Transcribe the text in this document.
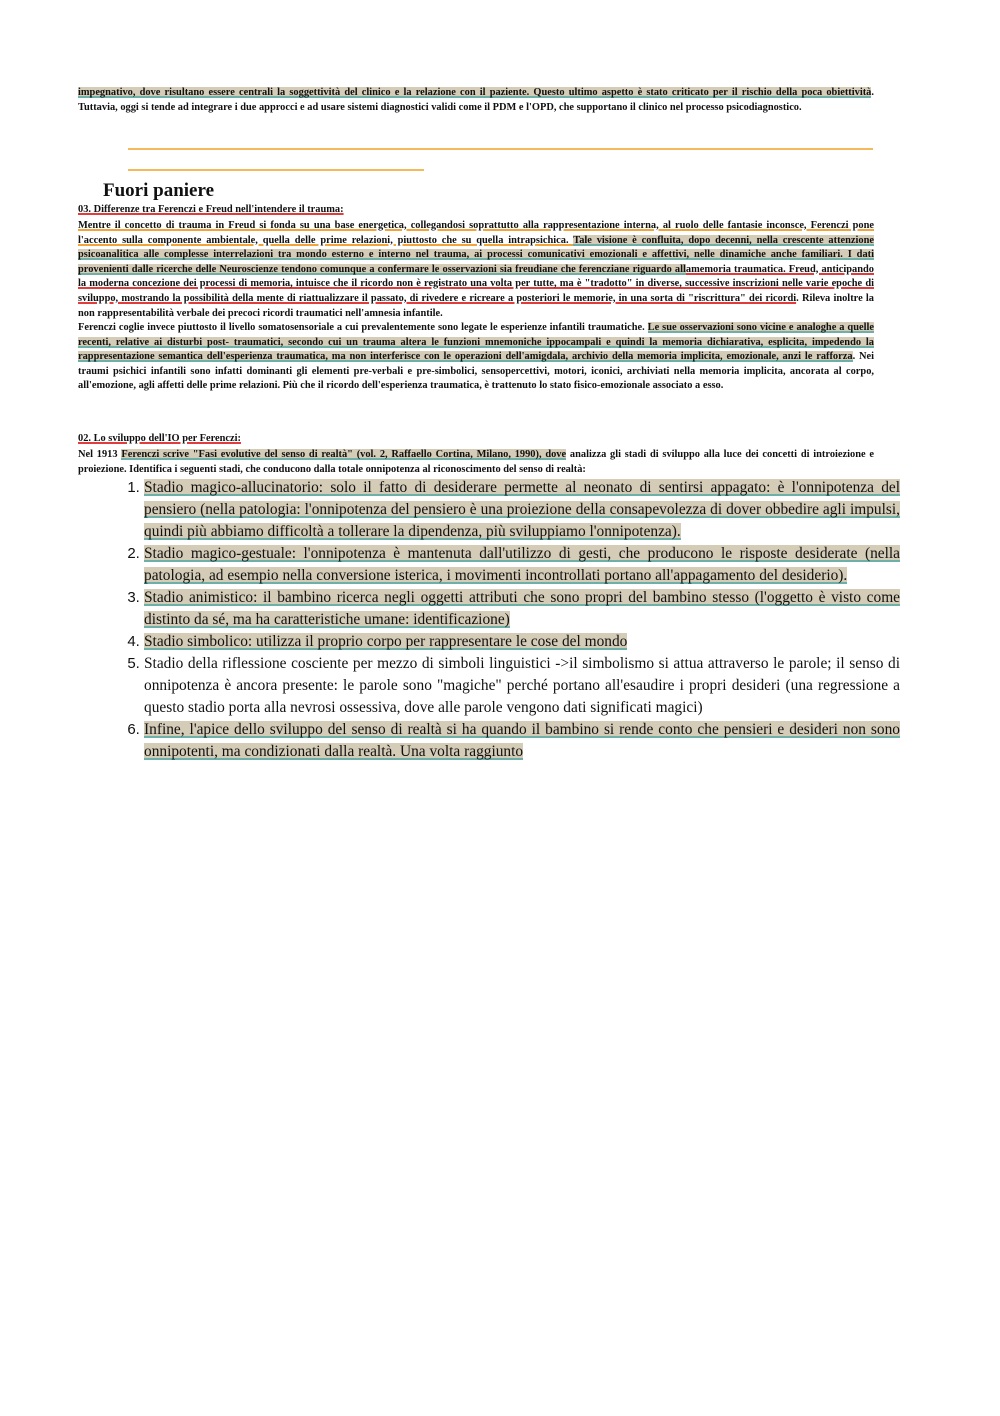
impegnativo, dove risultano essere centrali la soggettività del clinico e la relazione con il paziente. Questo ultimo aspetto è stato criticato per il rischio della poca obiettività. Tuttavia, oggi si tende ad integrare i due approcci e ad usare sistemi diagnostici validi come il PDM e l'OPD, che supportano il clinico nel processo psicodiagnostico.

Fuori paniere

03. Differenze tra Ferenczi e Freud nell'intendere il trauma:

Mentre il concetto di trauma in Freud si fonda su una base energetica, collegandosi soprattutto alla rappresentazione interna, al ruolo delle fantasie inconsce, Ferenczi pone l'accento sulla componente ambientale, quella delle prime relazioni, piuttosto che su quella intrapsichica. Tale visione è confluita, dopo decenni, nella crescente attenzione psicoanalitica alle complesse interrelazioni tra mondo esterno e interno nel trauma, ai processi comunicativi emozionali e affettivi, nelle dinamiche anche familiari. I dati provenienti dalle ricerche delle Neuroscienze tendono comunque a confermare le osservazioni sia freudiane che ferencziane riguardo allamemoria traumatica. Freud, anticipando la moderna concezione dei processi di memoria, intuisce che il ricordo non è registrato una volta per tutte, ma è "tradotto" in diverse, successive inscrizioni nelle varie epoche di sviluppo, mostrando la possibilità della mente di riattualizzare il passato, di rivedere e ricreare a posteriori le memorie, in una sorta di "riscrittura" dei ricordi. Rileva inoltre la non rappresentabilità verbale dei precoci ricordi traumatici nell'amnesia infantile.

Ferenczi coglie invece piuttosto il livello somatosensoriale a cui prevalentemente sono legate le esperienze infantili traumatiche. Le sue osservazioni sono vicine e analoghe a quelle recenti, relative ai disturbi post- traumatici, secondo cui un trauma altera le funzioni mnemoniche ippocampali e quindi la memoria dichiarativa, esplicita, impedendo la rappresentazione semantica dell'esperienza traumatica, ma non interferisce con le operazioni dell'amigdala, archivio della memoria implicita, emozionale, anzi le rafforza. Nei traumi psichici infantili sono infatti dominanti gli elementi pre-verbali e pre-simbolici, sensopercettivi, motori, iconici, archiviati nella memoria implicita, ancorata al corpo, all'emozione, agli affetti delle prime relazioni. Più che il ricordo dell'esperienza traumatica, è trattenuto lo stato fisico-emozionale associato a esso.

02. Lo sviluppo dell'IO per Ferenczi:

Nel 1913 Ferenczi scrive "Fasi evolutive del senso di realtà" (vol. 2, Raffaello Cortina, Milano, 1990), dove analizza gli stadi di sviluppo alla luce dei concetti di introiezione e proiezione. Identifica i seguenti stadi, che conducono dalla totale onnipotenza al riconoscimento del senso di realtà:

1. Stadio magico-allucinatorio: solo il fatto di desiderare permette al neonato di sentirsi appagato: è l'onnipotenza del pensiero (nella patologia: l'onnipotenza del pensiero è una proiezione della consapevolezza di dover obbedire agli impulsi, quindi più abbiamo difficoltà a tollerare la dipendenza, più sviluppiamo l'onnipotenza).
2. Stadio magico-gestuale: l'onnipotenza è mantenuta dall'utilizzo di gesti, che producono le risposte desiderate (nella patologia, ad esempio nella conversione isterica, i movimenti incontrollati portano all'appagamento del desiderio).
3. Stadio animistico: il bambino ricerca negli oggetti attributi che sono propri del bambino stesso (l'oggetto è visto come distinto da sé, ma ha caratteristiche umane: identificazione)
4. Stadio simbolico: utilizza il proprio corpo per rappresentare le cose del mondo
5. Stadio della riflessione cosciente per mezzo di simboli linguistici ->il simbolismo si attua attraverso le parole; il senso di onnipotenza è ancora presente: le parole sono "magiche" perché portano all'esaudire i propri desideri (una regressione a questo stadio porta alla nevrosi ossessiva, dove alle parole vengono dati significati magici)
6. Infine, l'apice dello sviluppo del senso di realtà si ha quando il bambino si rende conto che pensieri e desideri non sono onnipotenti, ma condizionati dalla realtà. Una volta raggiunto
